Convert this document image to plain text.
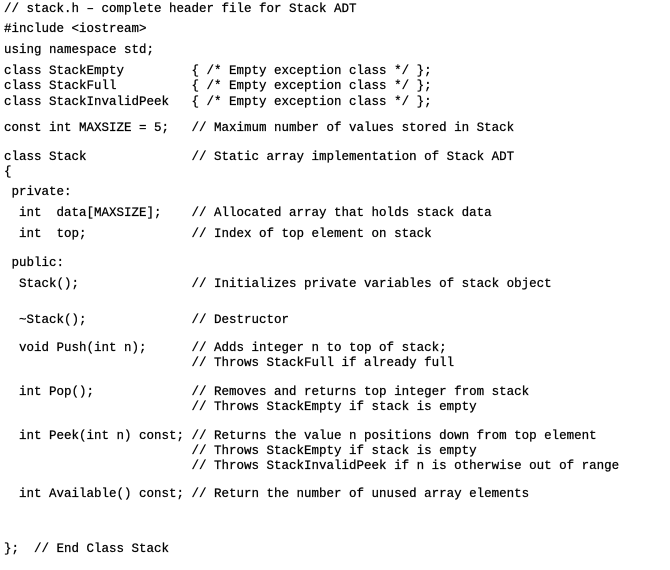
// stack.h – complete header file for Stack ADT
#include <iostream>
using namespace std;
class StackEmpty         { /* Empty exception class */ };
class StackFull          { /* Empty exception class */ };
class StackInvalidPeek   { /* Empty exception class */ };
const int MAXSIZE = 5;   // Maximum number of values stored in Stack
class Stack              // Static array implementation of Stack ADT
{
private:
int  data[MAXSIZE];    // Allocated array that holds stack data
int  top;              // Index of top element on stack
public:
Stack();               // Initializes private variables of stack object
~Stack();              // Destructor
void Push(int n);      // Adds integer n to top of stack;
// Throws StackFull if already full
int Pop();             // Removes and returns top integer from stack
// Throws StackEmpty if stack is empty
int Peek(int n) const; // Returns the value n positions down from top element
// Throws StackEmpty if stack is empty
// Throws StackInvalidPeek if n is otherwise out of range
int Available() const; // Return the number of unused array elements
};  // End Class Stack
